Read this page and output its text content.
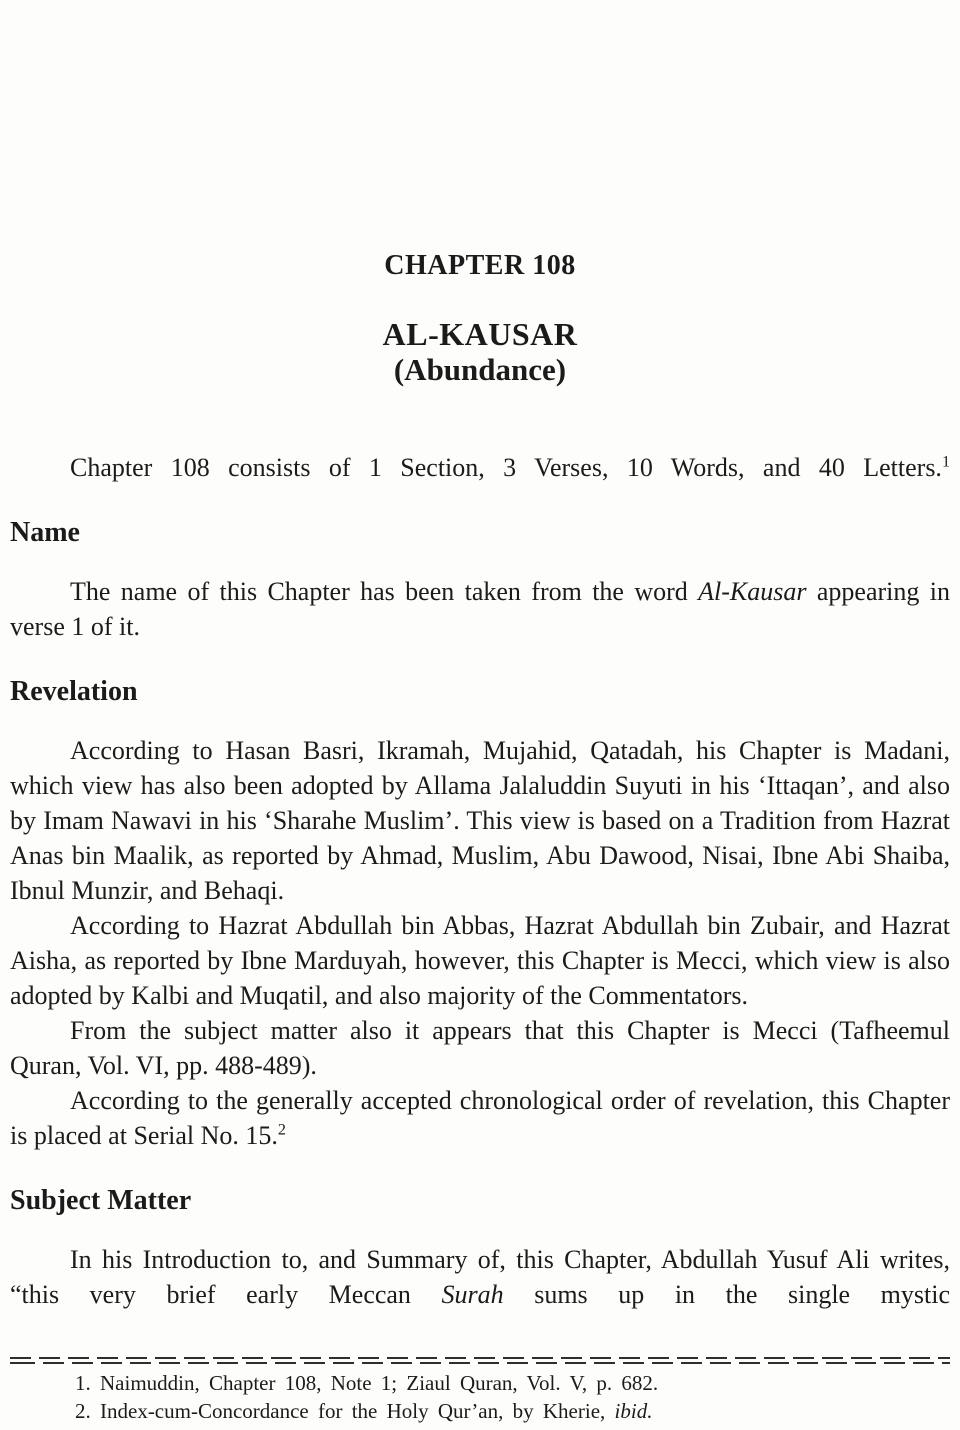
CHAPTER 108
AL-KAUSAR
(Abundance)

Chapter 108 consists of 1 Section, 3 Verses, 10 Words, and 40 Letters.$^1$

Name

The name of this Chapter has been taken from the word Al-Kausar appearing in verse 1 of it.

Revelation

According to Hasan Basri, Ikramah, Mujahid, Qatadah, his Chapter is Madani, which view has also been adopted by Allama Jalaluddin Suyuti in his ‘Ittaqan’, and also by Imam Nawavi in his ‘Sharahe Muslim’. This view is based on a Tradition from Hazrat Anas bin Maalik, as reported by Ahmad, Muslim, Abu Dawood, Nisai, Ibne Abi Shaiba, Ibnul Munzir, and Behaqi.

According to Hazrat Abdullah bin Abbas, Hazrat Abdullah bin Zubair, and Hazrat Aisha, as reported by Ibne Marduyah, however, this Chapter is Mecci, which view is also adopted by Kalbi and Muqatil, and also majority of the Commentators.

From the subject matter also it appears that this Chapter is Mecci (Tafheemul Quran, Vol. VI, pp. 488-489).

According to the generally accepted chronological order of revelation, this Chapter is placed at Serial No. 15.$^2$

Subject Matter

In his Introduction to, and Summary of, this Chapter, Abdullah Yusuf Ali writes, “this very brief early Meccan Surah sums up in the single mystic

1. Naimuddin, Chapter 108, Note 1; Ziaul Quran, Vol. V, p. 682.
2. Index-cum-Concordance for the Holy Qur’an, by Kherie, ibid.
